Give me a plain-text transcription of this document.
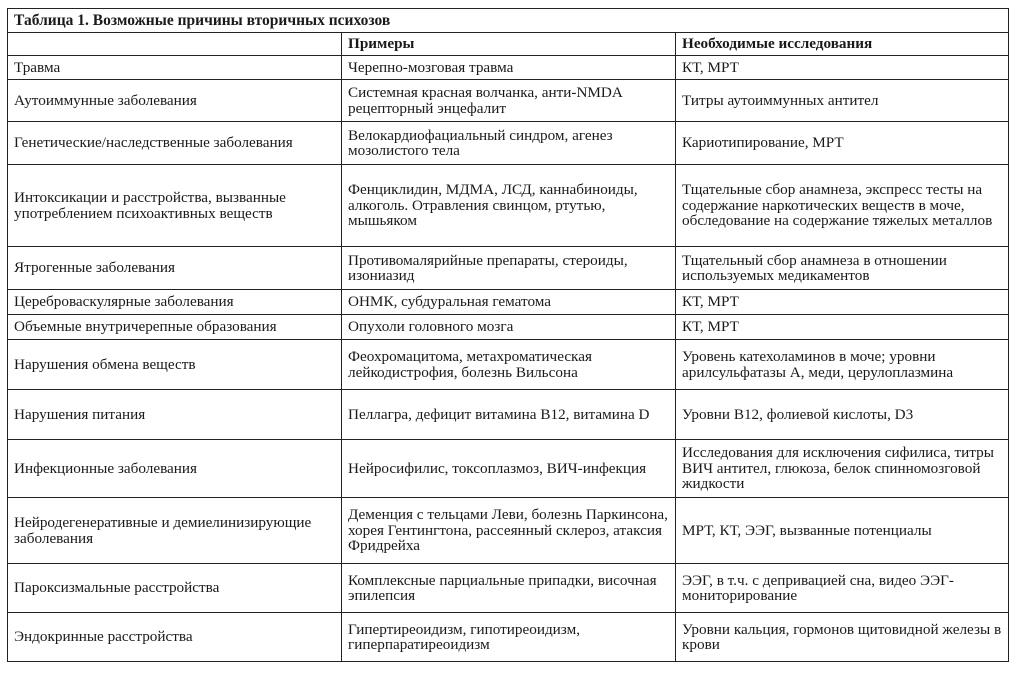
Таблица 1. Возможные причины вторичных психозов		
	Примеры	Необходимые исследования
Травма	Черепно-мозговая травма	КТ, МРТ
Аутоиммунные заболевания	Системная красная волчанка, анти-NMDA рецепторный энцефалит	Титры аутоиммунных антител
Генетические/наследственные заболевания	Велокардиофациальный синдром, агенез мозолистого тела	Кариотипирование, МРТ
Интоксикации и расстройства, вызванные употреблением психоактивных веществ	Фенциклидин, МДМА, ЛСД, каннабиноиды, алкоголь. Отравления свинцом, ртутью, мышьяком	Тщательные сбор анамнеза, экспресс тесты на содержание наркотических веществ в моче, обследование на содержание тяжелых металлов
Ятрогенные заболевания	Противомалярийные препараты, стероиды, изониазид	Тщательный сбор анамнеза в отношении используемых медикаментов
Цереброваскулярные заболевания	ОНМК, субдуральная гематома	КТ, МРТ
Объемные внутричерепные образования	Опухоли головного мозга	КТ, МРТ
Нарушения обмена веществ	Феохромацитома, метахроматическая лейкодистрофия, болезнь Вильсона	Уровень катехоламинов в моче; уровни арилсульфатазы А, меди, церулоплазмина
Нарушения питания	Пеллагра, дефицит витамина В12, витамина D	Уровни В12, фолиевой кислоты, D3
Инфекционные заболевания	Нейросифилис, токсоплазмоз, ВИЧ-инфекция	Исследования для исключения сифилиса, титры ВИЧ антител, глюкоза, белок спинномозговой жидкости
Нейродегенеративные и демиелинизирующие заболевания	Деменция с тельцами Леви, болезнь Паркинсона, хорея Гентингтона, рассеянный склероз, атаксия Фридрейха	МРТ, КТ, ЭЭГ, вызванные потенциалы
Пароксизмальные расстройства	Комплексные парциальные припадки, височная эпилепсия	ЭЭГ, в т.ч. с депривацией сна, видео ЭЭГ-мониторирование
Эндокринные расстройства	Гипертиреоидизм, гипотиреоидизм, гиперпаратиреоидизм	Уровни кальция, гормонов щитовидной железы в крови
